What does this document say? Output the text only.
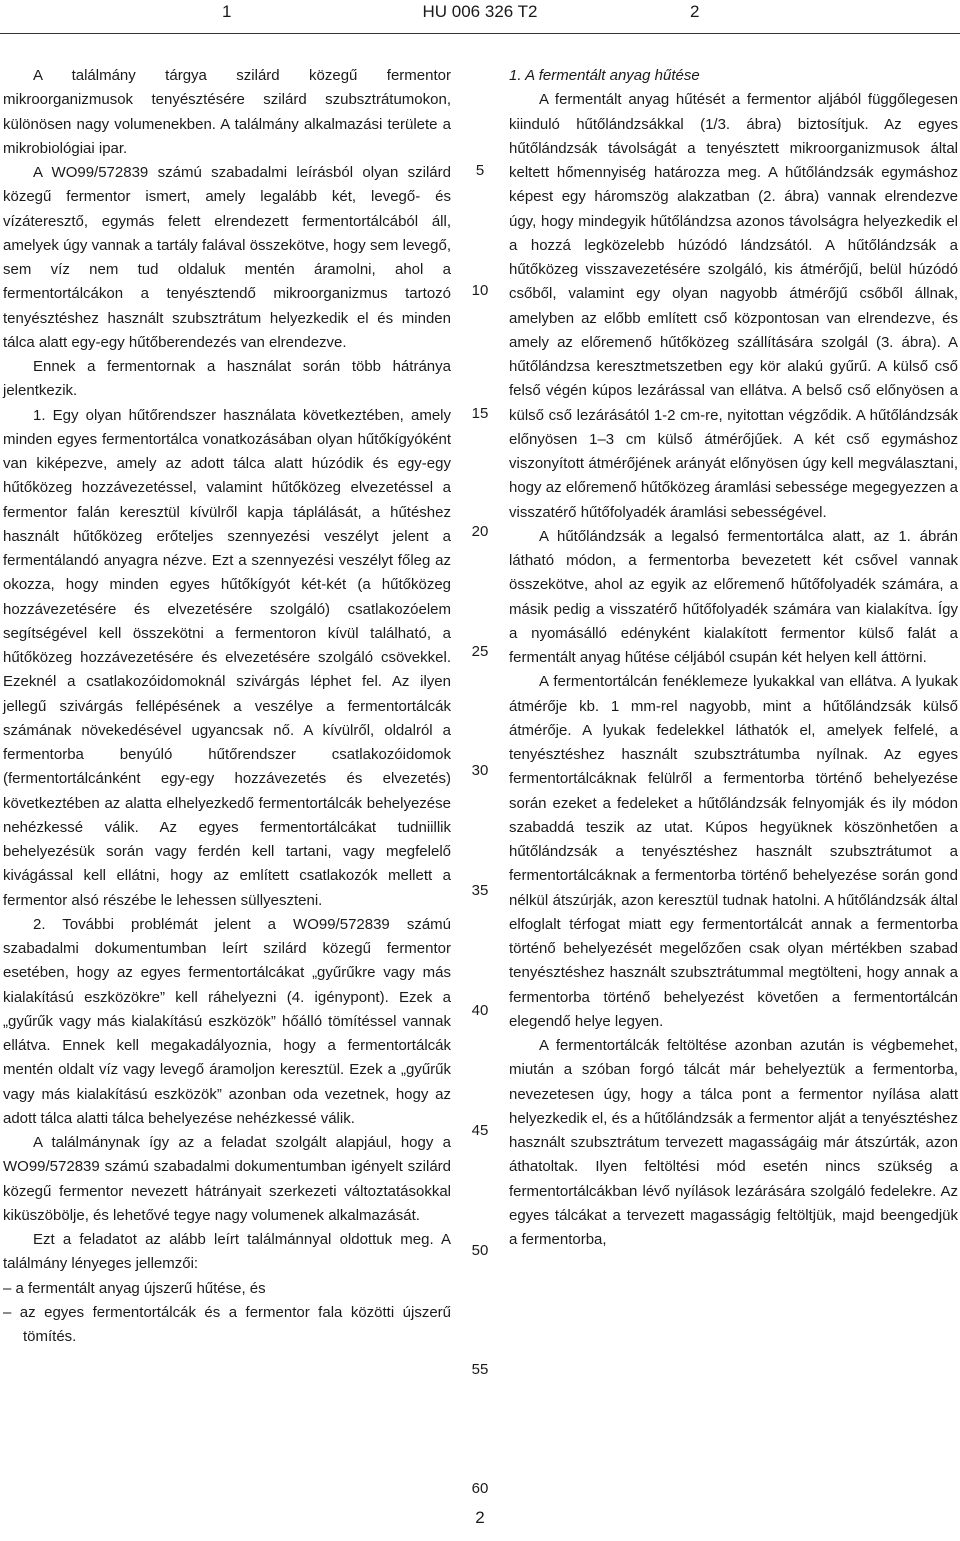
1	HU 006 326 T2	2

A találmány tárgya szilárd közegű fermentor mikroorganizmusok tenyésztésére szilárd szubsztrátumokon, különösen nagy volumenekben. A találmány alkalmazási területe a mikrobiológiai ipar.

A WO99/572839 számú szabadalmi leírásból olyan szilárd közegű fermentor ismert, amely legalább két, levegő- és vízáteresztő, egymás felett elrendezett fermentortálcából áll, amelyek úgy vannak a tartály falával összekötve, hogy sem levegő, sem víz nem tud oldaluk mentén áramolni, ahol a fermentortálcákon a tenyésztendő mikroorganizmus tartozó tenyésztéshez használt szubsztrátum helyezkedik el és minden tálca alatt egy-egy hűtőberendezés van elrendezve.

Ennek a fermentornak a használat során több hátránya jelentkezik.

1. Egy olyan hűtőrendszer használata következtében, amely minden egyes fermentortálca vonatkozásában olyan hűtőkígyóként van kiképezve, amely az adott tálca alatt húzódik és egy-egy hűtőközeg hozzávezetéssel, valamint hűtőközeg elvezetéssel a fermentor falán keresztül kívülről kapja táplálását, a hűtéshez használt hűtőközeg erőteljes szennyezési veszélyt jelent a fermentálandó anyagra nézve. Ezt a szennyezési veszélyt főleg az okozza, hogy minden egyes hűtőkígyót két-két (a hűtőközeg hozzávezetésére és elvezetésére szolgáló) csatlakozóelem segítségével kell összekötni a fermentoron kívül található, a hűtőközeg hozzávezetésére és elvezetésére szolgáló csövekkel. Ezeknél a csatlakozóidomoknál szivárgás léphet fel. Az ilyen jellegű szivárgás fellépésének a veszélye a fermentortálcák számának növekedésével ugyancsak nő. A kívülről, oldalról a fermentorba benyúló hűtőrendszer csatlakozóidomok (fermentortálcánként egy-egy hozzávezetés és elvezetés) következtében az alatta elhelyezkedő fermentortálcák behelyezése nehézkessé válik. Az egyes fermentortálcákat tudniillik behelyezésük során vagy ferdén kell tartani, vagy megfelelő kivágással kell ellátni, hogy az említett csatlakozók mellett a fermentor alsó részébe le lehessen süllyeszteni.

2. További problémát jelent a WO99/572839 számú szabadalmi dokumentumban leírt szilárd közegű fermentor esetében, hogy az egyes fermentortálcákat „gyűrűkre vagy más kialakítású eszközökre” kell ráhelyezni (4. igénypont). Ezek a „gyűrűk vagy más kialakítású eszközök” hőálló tömítéssel vannak ellátva. Ennek kell megakadályoznia, hogy a fermentortálcák mentén oldalt víz vagy levegő áramoljon keresztül. Ezek a „gyűrűk vagy más kialakítású eszközök” azonban oda vezetnek, hogy az adott tálca alatti tálca behelyezése nehézkessé válik.

A találmánynak így az a feladat szolgált alapjául, hogy a WO99/572839 számú szabadalmi dokumentumban igényelt szilárd közegű fermentor nevezett hátrányait szerkezeti változtatásokkal kiküszöbölje, és lehetővé tegye nagy volumenek alkalmazását.

Ezt a feladatot az alább leírt találmánnyal oldottuk meg. A találmány lényeges jellemzői:

– a fermentált anyag újszerű hűtése, és

– az egyes fermentortálcák és a fermentor fala közötti újszerű tömítés.

5
10
15
20
25
30
35
40
45
50
55
60

1. A fermentált anyag hűtése

A fermentált anyag hűtését a fermentor aljából függőlegesen kiinduló hűtőlándzsákkal (1/3. ábra) biztosítjuk. Az egyes hűtőlándzsák távolságát a tenyésztett mikroorganizmusok által keltett hőmennyiség határozza meg. A hűtőlándzsák egymáshoz képest egy háromszög alakzatban (2. ábra) vannak elrendezve úgy, hogy mindegyik hűtőlándzsa azonos távolságra helyezkedik el a hozzá legközelebb húzódó lándzsától. A hűtőlándzsák a hűtőközeg visszavezetésére szolgáló, kis átmérőjű, belül húzódó csőből, valamint egy olyan nagyobb átmérőjű csőből állnak, amelyben az előbb említett cső központosan van elrendezve, és amely az előremenő hűtőközeg szállítására szolgál (3. ábra). A hűtőlándzsa keresztmetszetben egy kör alakú gyűrű. A külső cső felső végén kúpos lezárással van ellátva. A belső cső előnyösen a külső cső lezárásától 1-2 cm-re, nyitottan végződik. A hűtőlándzsák előnyösen 1–3 cm külső átmérőjűek. A két cső egymáshoz viszonyított átmérőjének arányát előnyösen úgy kell megválasztani, hogy az előremenő hűtőközeg áramlási sebessége megegyezzen a visszatérő hűtőfolyadék áramlási sebességével.

A hűtőlándzsák a legalsó fermentortálca alatt, az 1. ábrán látható módon, a fermentorba bevezetett két csővel vannak összekötve, ahol az egyik az előremenő hűtőfolyadék számára, a másik pedig a visszatérő hűtőfolyadék számára van kialakítva. Így a nyomásálló edényként kialakított fermentor külső falát a fermentált anyag hűtése céljából csupán két helyen kell áttörni.

A fermentortálcán fenéklemeze lyukakkal van ellátva. A lyukak átmérője kb. 1 mm-rel nagyobb, mint a hűtőlándzsák külső átmérője. A lyukak fedelekkel láthatók el, amelyek felfelé, a tenyésztéshez használt szubsztrátumba nyílnak. Az egyes fermentortálcáknak felülről a fermentorba történő behelyezése során ezeket a fedeleket a hűtőlándzsák felnyomják és ily módon szabaddá teszik az utat. Kúpos hegyüknek köszönhetően a hűtőlándzsák a tenyésztéshez használt szubsztrátumot a fermentortálcáknak a fermentorba történő behelyezése során gond nélkül átszúrják, azon keresztül tudnak hatolni. A hűtőlándzsák által elfoglalt térfogat miatt egy fermentortálcát annak a fermentorba történő behelyezését megelőzően csak olyan mértékben szabad tenyésztéshez használt szubsztrátummal megtölteni, hogy annak a fermentorba történő behelyezést követően a fermentortálcán elegendő helye legyen.

A fermentortálcák feltöltése azonban azután is végbemehet, miután a szóban forgó tálcát már behelyeztük a fermentorba, nevezetesen úgy, hogy a tálca pont a fermentor nyílása alatt helyezkedik el, és a hűtőlándzsák a fermentor alját a tenyésztéshez használt szubsztrátum tervezett magasságáig már átszúrták, azon áthatoltak. Ilyen feltöltési mód esetén nincs szükség a fermentortálcákban lévő nyílások lezárására szolgáló fedelekre. Az egyes tálcákat a tervezett magasságig feltöltjük, majd beengedjük a fermentorba,

2
